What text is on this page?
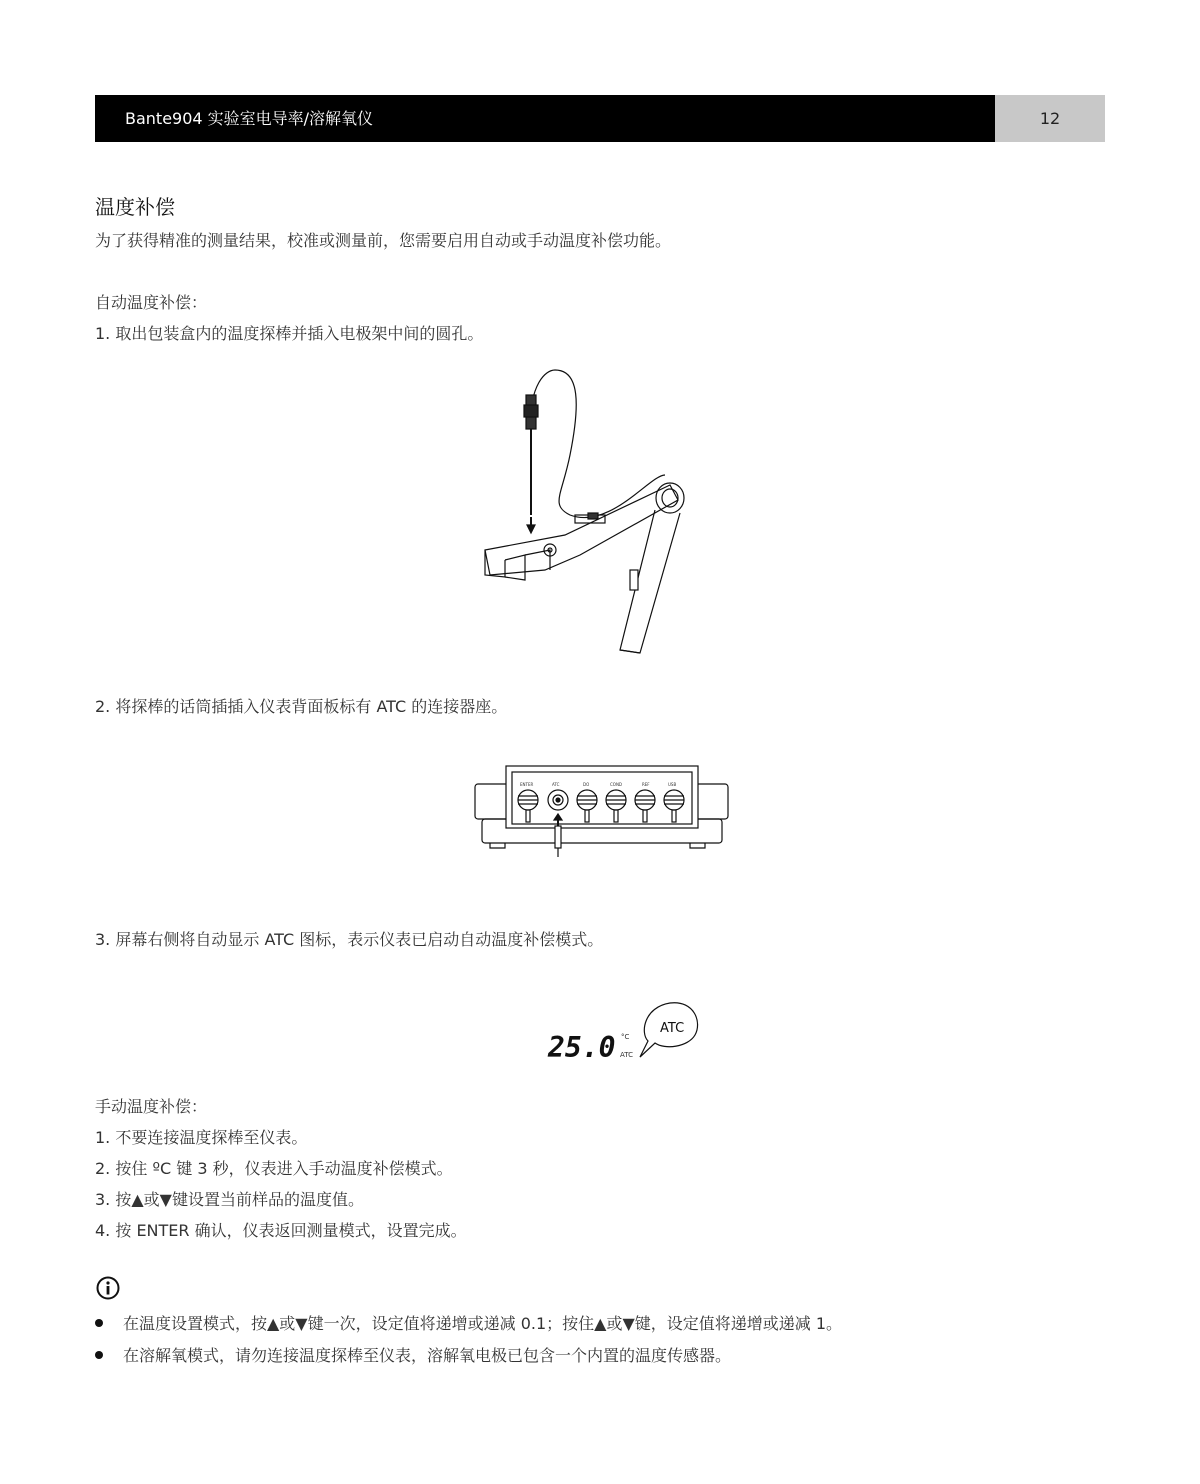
Bante904 实验室电导率/溶解氧仪	12
温度补偿
为了获得精准的测量结果，校准或测量前，您需要启用自动或手动温度补偿功能。
自动温度补偿：
1. 取出包装盒内的温度探棒并插入电极架中间的圆孔。
2. 将探棒的话筒插插入仪表背面板标有 ATC 的连接器座。
ENTER	ATC	DO	COND	REF	USB
3. 屏幕右侧将自动显示 ATC 图标，表示仪表已启动自动温度补偿模式。
25.0 °C
ATC
ATC
手动温度补偿：
1. 不要连接温度探棒至仪表。
2. 按住 ºC 键 3 秒，仪表进入手动温度补偿模式。
3. 按▲或▼键设置当前样品的温度值。
4. 按 ENTER 确认，仪表返回测量模式，设置完成。
在温度设置模式，按▲或▼键一次，设定值将递增或递减 0.1；按住▲或▼键，设定值将递增或递减 1。
在溶解氧模式，请勿连接温度探棒至仪表，溶解氧电极已包含一个内置的温度传感器。
